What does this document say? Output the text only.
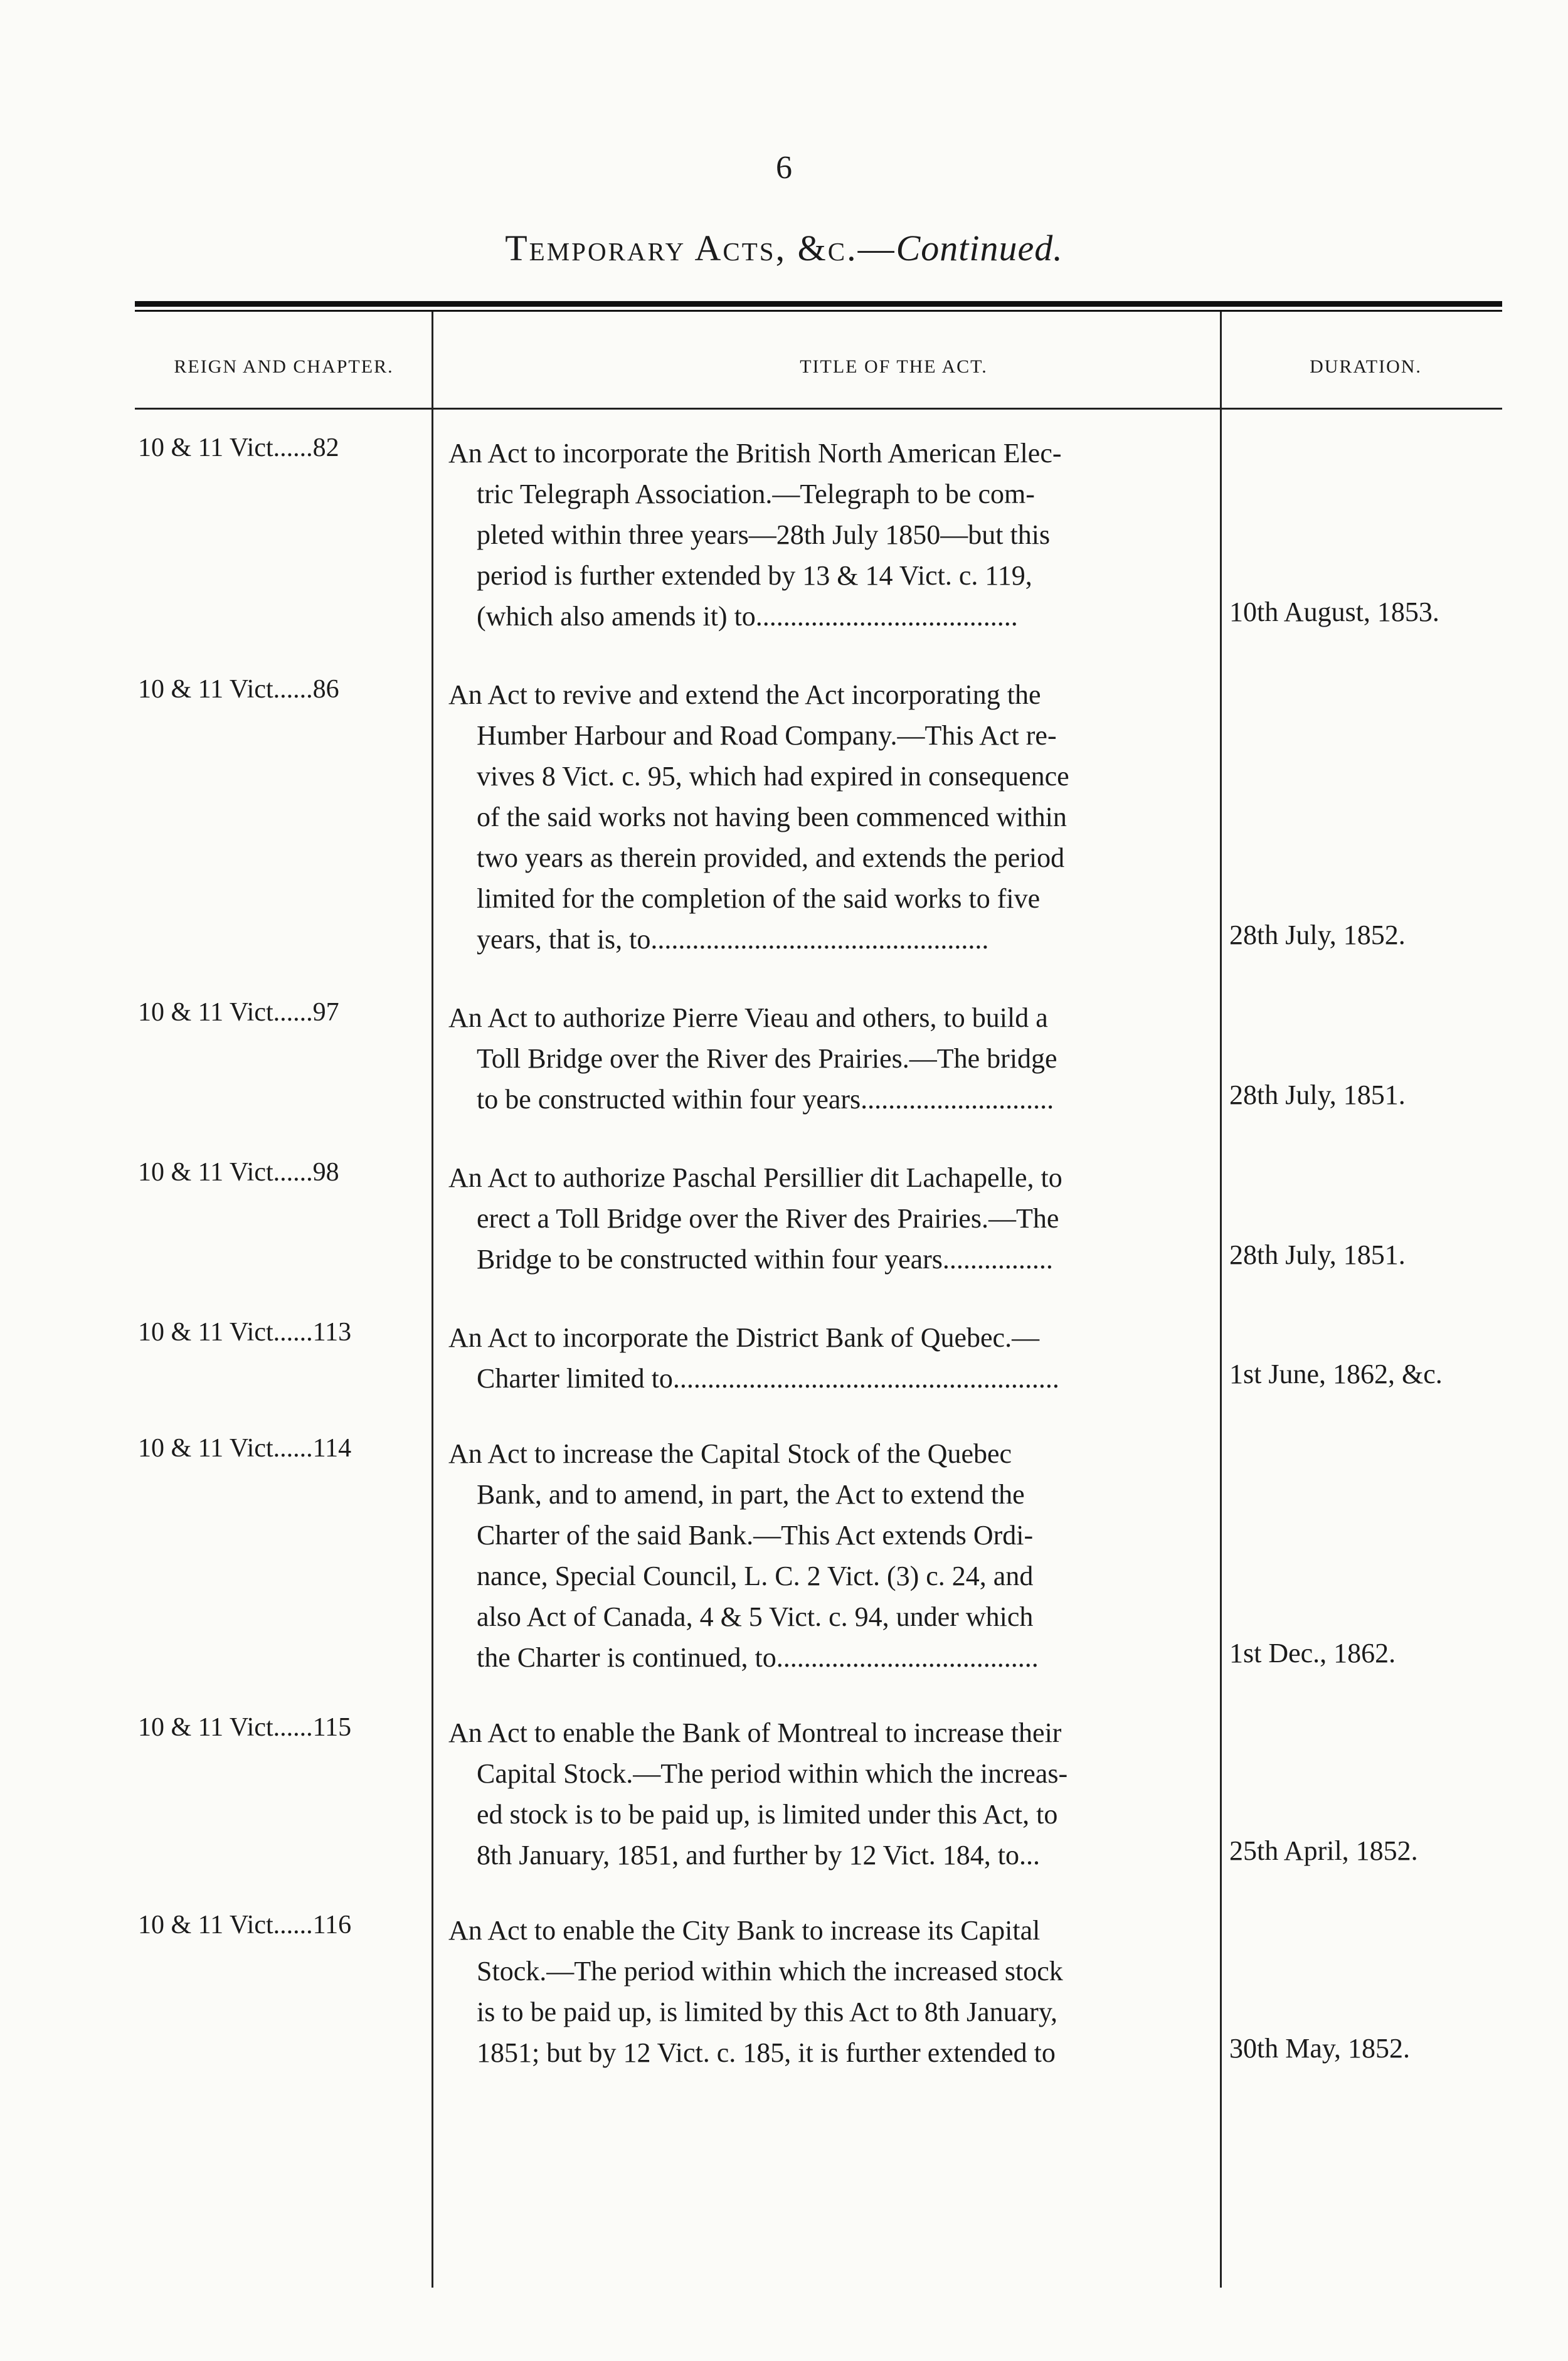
6
Temporary Acts, &c.—Continued.
REIGN AND CHAPTER.	TITLE OF THE ACT.	DURATION.
10 & 11 Vict......82	An Act to incorporate the British North American Elec-
tric Telegraph Association.—Telegraph to be com-
pleted within three years—28th July 1850—but this
period is further extended by 13 & 14 Vict. c. 119,
(which also amends it) to......................................	10th August, 1853.
10 & 11 Vict......86	An Act to revive and extend the Act incorporating the
Humber Harbour and Road Company.—This Act re-
vives 8 Vict. c. 95, which had expired in consequence
of the said works not having been commenced within
two years as therein provided, and extends the period
limited for the completion of the said works to five
years, that is, to.................................................	28th July, 1852.
10 & 11 Vict......97	An Act to authorize Pierre Vieau and others, to build a
Toll Bridge over the River des Prairies.—The bridge
to be constructed within four years............................	28th July, 1851.
10 & 11 Vict......98	An Act to authorize Paschal Persillier dit Lachapelle, to
erect a Toll Bridge over the River des Prairies.—The
Bridge to be constructed within four years................	28th July, 1851.
10 & 11 Vict......113	An Act to incorporate the District Bank of Quebec.—
Charter limited to........................................................	1st June, 1862, &c.
10 & 11 Vict......114	An Act to increase the Capital Stock of the Quebec
Bank, and to amend, in part, the Act to extend the
Charter of the said Bank.—This Act extends Ordi-
nance, Special Council, L. C. 2 Vict. (3) c. 24, and
also Act of Canada, 4 & 5 Vict. c. 94, under which
the Charter is continued, to......................................	1st Dec., 1862.
10 & 11 Vict......115	An Act to enable the Bank of Montreal to increase their
Capital Stock.—The period within which the increas-
ed stock is to be paid up, is limited under this Act, to
8th January, 1851, and further by 12 Vict. 184, to...	25th April, 1852.
10 & 11 Vict......116	An Act to enable the City Bank to increase its Capital
Stock.—The period within which the increased stock
is to be paid up, is limited by this Act to 8th January,
1851; but by 12 Vict. c. 185, it is further extended to	30th May, 1852.
